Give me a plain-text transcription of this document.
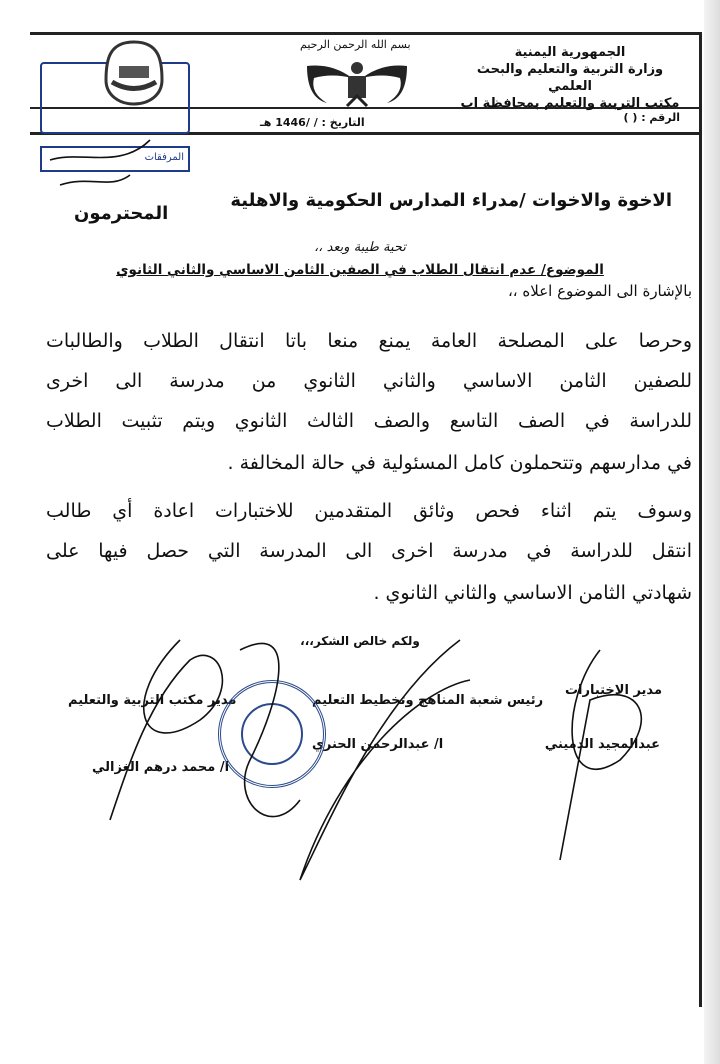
الجمهورية اليمنية
وزارة التربية والتعليم والبحث العلمي
مكتب التربية والتعليم بمحافظة اب
الرقم : ( )
التاريخ : / /1446 هـ
بسم الله الرحمن الرحيم
المرفقات
الاخوة والاخوات /مدراء المدارس الحكومية والاهلية
المحترمون
تحية طيبة وبعد ،،
الموضوع/ عدم انتقال الطلاب في الصفين الثامن الاساسي والثاني الثانوي
بالإشارة الى الموضوع اعلاه ،،
وحرصا على المصلحة العامة يمنع منعا باتا انتقال الطلاب والطالبات
للصفين الثامن الاساسي والثاني الثانوي من مدرسة الى اخرى
للدراسة في الصف التاسع والصف الثالث الثانوي ويتم تثبيت الطلاب
في مدارسهم وتتحملون كامل المسئولية في حالة المخالفة .
وسوف يتم اثناء فحص وثائق المتقدمين للاختبارات اعادة أي طالب
انتقل للدراسة في مدرسة اخرى الى المدرسة التي حصل فيها على
شهادتي الثامن الاساسي والثاني الثانوي .
ولكم خالص الشكر،،،
مدير الاختبارات
عبدالمجيد الدميني
رئيس شعبة المناهج وتخطيط التعليم
ا/ عبدالرحمن الحنري
مدير مكتب التربية والتعليم
ا/ محمد درهم الغزالي
